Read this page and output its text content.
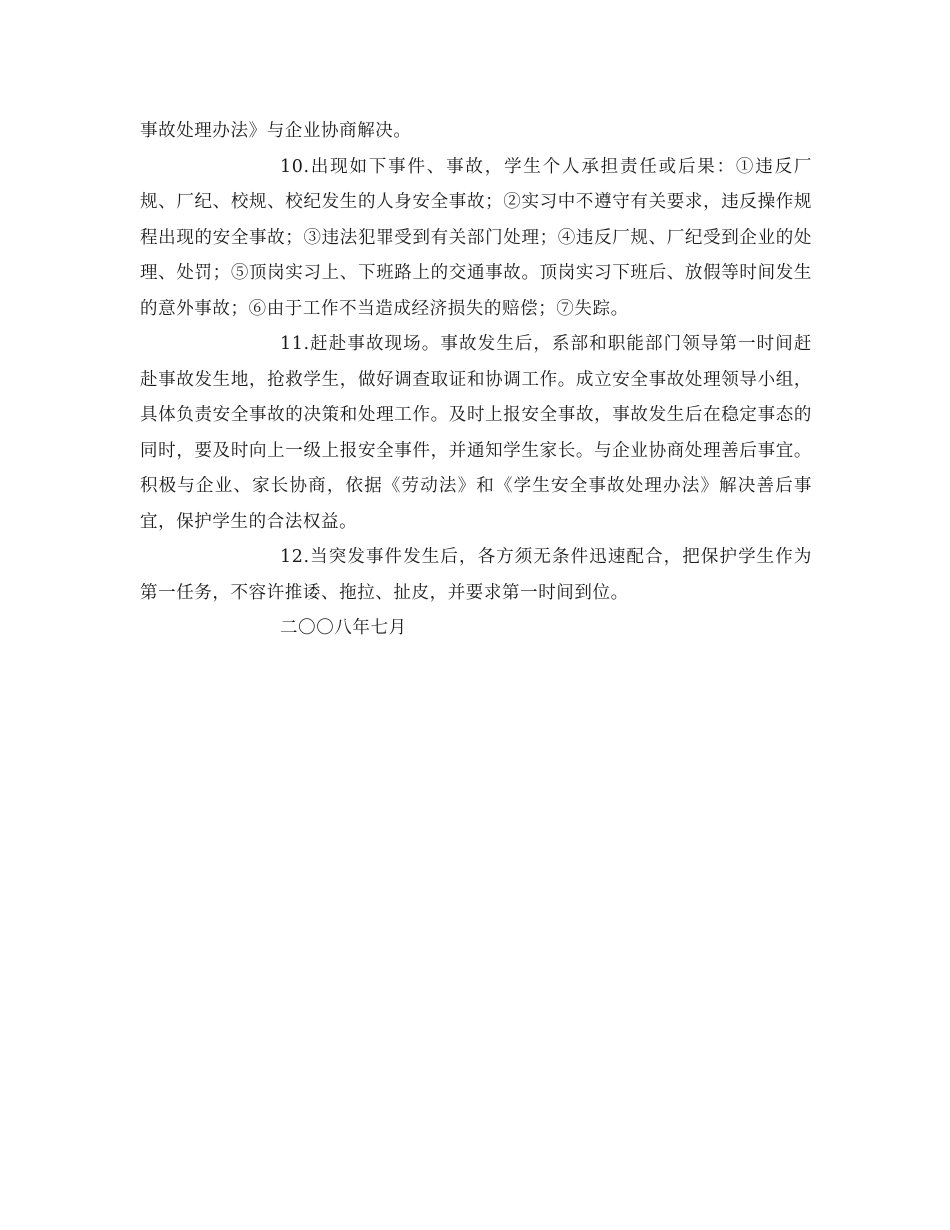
事故处理办法》与企业协商解决。

10.出现如下事件、事故，学生个人承担责任或后果：①违反厂规、厂纪、校规、校纪发生的人身安全事故；②实习中不遵守有关要求，违反操作规程出现的安全事故；③违法犯罪受到有关部门处理；④违反厂规、厂纪受到企业的处理、处罚；⑤顶岗实习上、下班路上的交通事故。顶岗实习下班后、放假等时间发生的意外事故；⑥由于工作不当造成经济损失的赔偿；⑦失踪。

11.赶赴事故现场。事故发生后，系部和职能部门领导第一时间赶赴事故发生地，抢救学生，做好调查取证和协调工作。成立安全事故处理领导小组，具体负责安全事故的决策和处理工作。及时上报安全事故，事故发生后在稳定事态的同时，要及时向上一级上报安全事件，并通知学生家长。与企业协商处理善后事宜。积极与企业、家长协商，依据《劳动法》和《学生安全事故处理办法》解决善后事宜，保护学生的合法权益。

12.当突发事件发生后，各方须无条件迅速配合，把保护学生作为第一任务，不容许推诿、拖拉、扯皮，并要求第一时间到位。

二〇〇八年七月
